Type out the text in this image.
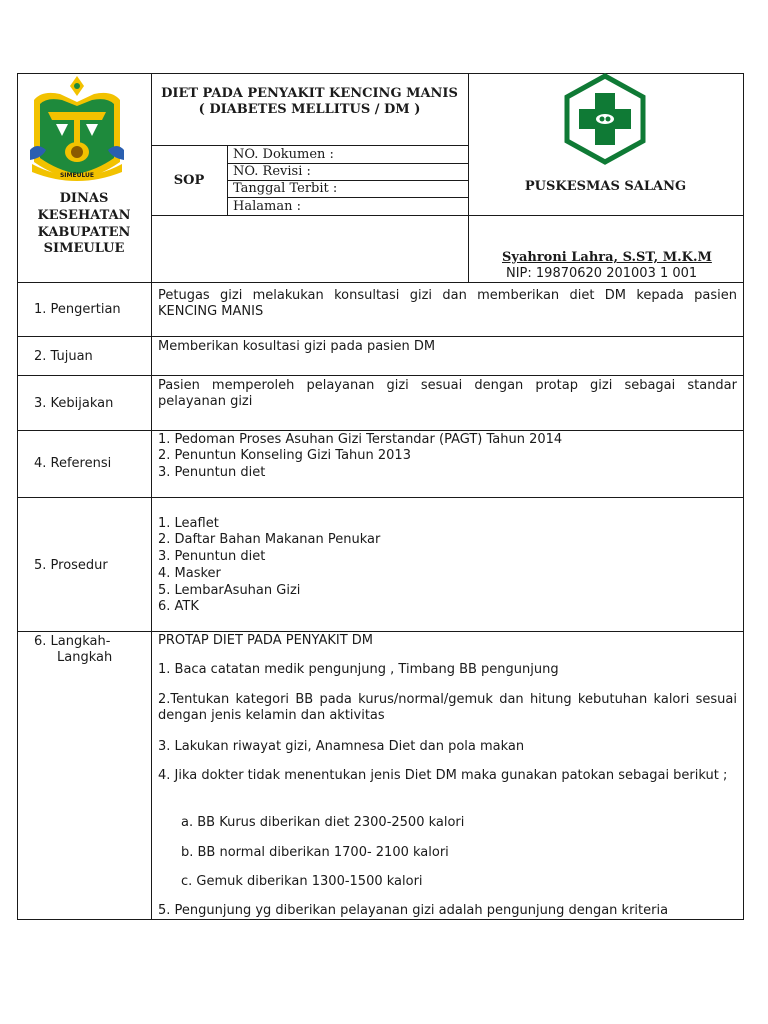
SIMEULUE
DINAS
KESEHATAN
KABUPATEN
SIMEULUE
DIET PADA PENYAKIT KENCING MANIS
( DIABETES MELLITUS / DM )
SOP
NO. Dokumen :
NO. Revisi :
Tanggal Terbit :
Halaman :
PUSKESMAS SALANG
Syahroni Lahra, S.ST, M.K.M
NIP: 19870620 201003 1 001
1. Pengertian
Petugas gizi melakukan konsultasi gizi dan memberikan diet DM kepada pasien KENCING MANIS
2. Tujuan
Memberikan kosultasi gizi pada pasien DM
3. Kebijakan
Pasien memperoleh pelayanan gizi sesuai dengan protap gizi sebagai standar pelayanan gizi
4. Referensi
1. Pedoman Proses Asuhan Gizi Terstandar (PAGT) Tahun 2014
2. Penuntun Konseling Gizi Tahun 2013
3. Penuntun diet
5. Prosedur
1. Leaflet
2. Daftar Bahan Makanan Penukar
3. Penuntun diet
4. Masker
5. LembarAsuhan Gizi
6. ATK
6. Langkah-
Langkah
PROTAP DIET PADA PENYAKIT DM
1. Baca catatan medik pengunjung , Timbang BB pengunjung
2.Tentukan kategori BB pada kurus/normal/gemuk dan hitung kebutuhan kalori sesuai dengan jenis kelamin dan aktivitas
3. Lakukan riwayat gizi, Anamnesa Diet dan pola makan
4. Jika dokter tidak menentukan jenis Diet DM maka gunakan patokan sebagai berikut ;
a. BB Kurus diberikan diet 2300-2500 kalori
b. BB normal diberikan 1700- 2100 kalori
c. Gemuk diberikan 1300-1500 kalori
5. Pengunjung yg diberikan pelayanan gizi adalah pengunjung dengan kriteria
